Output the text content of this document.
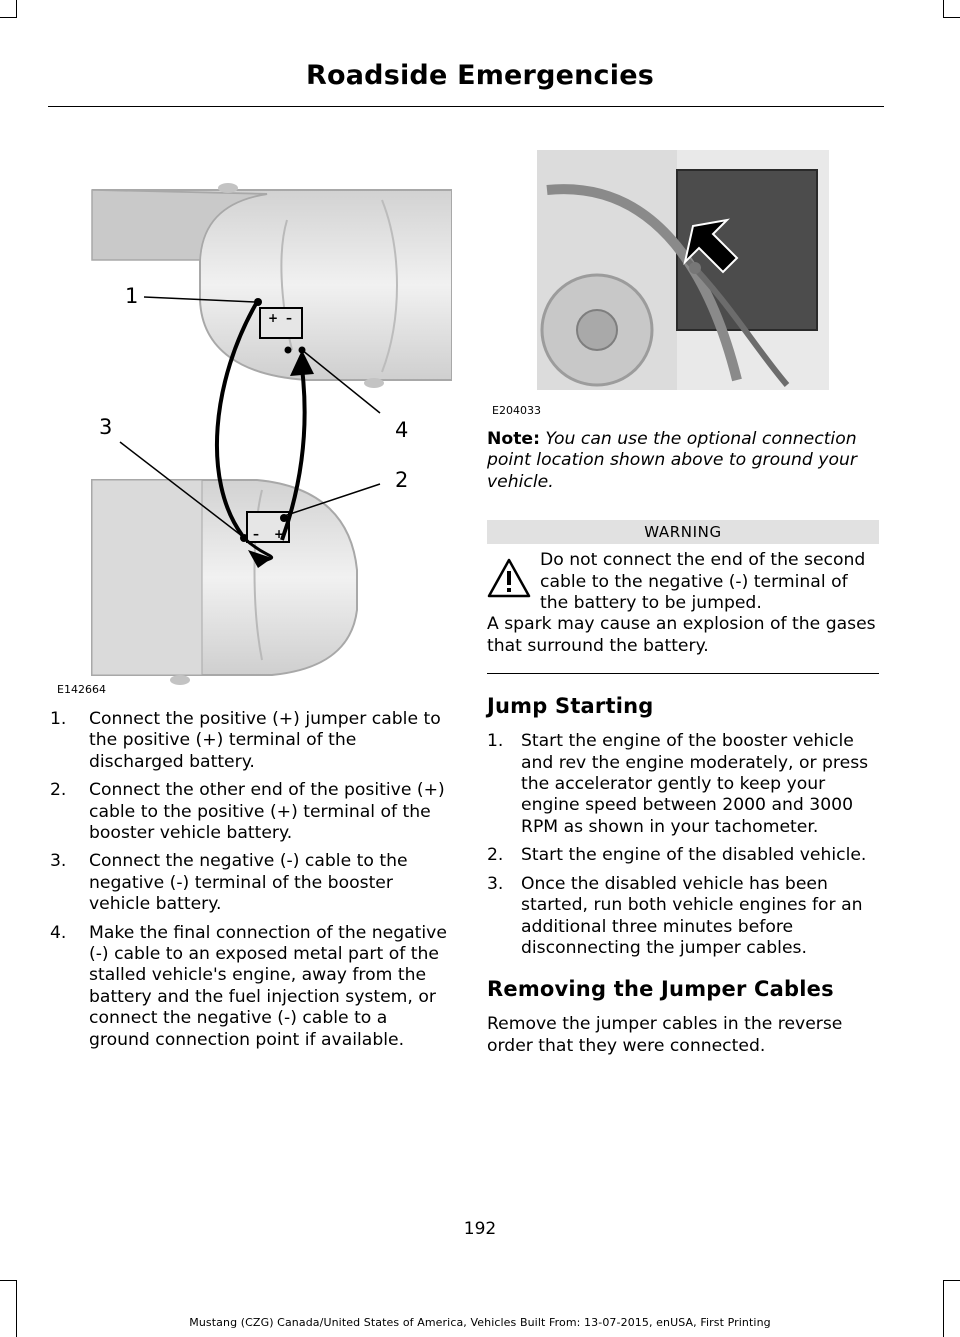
Roadside Emergencies
+ –
– +
1
2
3	4
E142664
E204033
1. Connect the positive (+) jumper cable to the positive (+) terminal of the discharged battery.
2. Connect the other end of the positive (+) cable to the positive (+) terminal of the booster vehicle battery.
3. Connect the negative (-) cable to the negative (-) terminal of the booster vehicle battery.
4. Make the final connection of the negative (-) cable to an exposed metal part of the stalled vehicle's engine, away from the battery and the fuel injection system, or connect the negative (-) cable to a ground connection point if available.
Note: You can use the optional connection point location shown above to ground your vehicle.
WARNING
Do not connect the end of the second cable to the negative (-) terminal of the battery to be jumped.
A spark may cause an explosion of the gases that surround the battery.
Jump Starting
1. Start the engine of the booster vehicle and rev the engine moderately, or press the accelerator gently to keep your engine speed between 2000 and 3000 RPM as shown in your tachometer.
2. Start the engine of the disabled vehicle.
3. Once the disabled vehicle has been started, run both vehicle engines for an additional three minutes before disconnecting the jumper cables.
Removing the Jumper Cables
Remove the jumper cables in the reverse order that they were connected.
192
Mustang (CZG) Canada/United States of America, Vehicles Built From: 13-07-2015, enUSA, First Printing
